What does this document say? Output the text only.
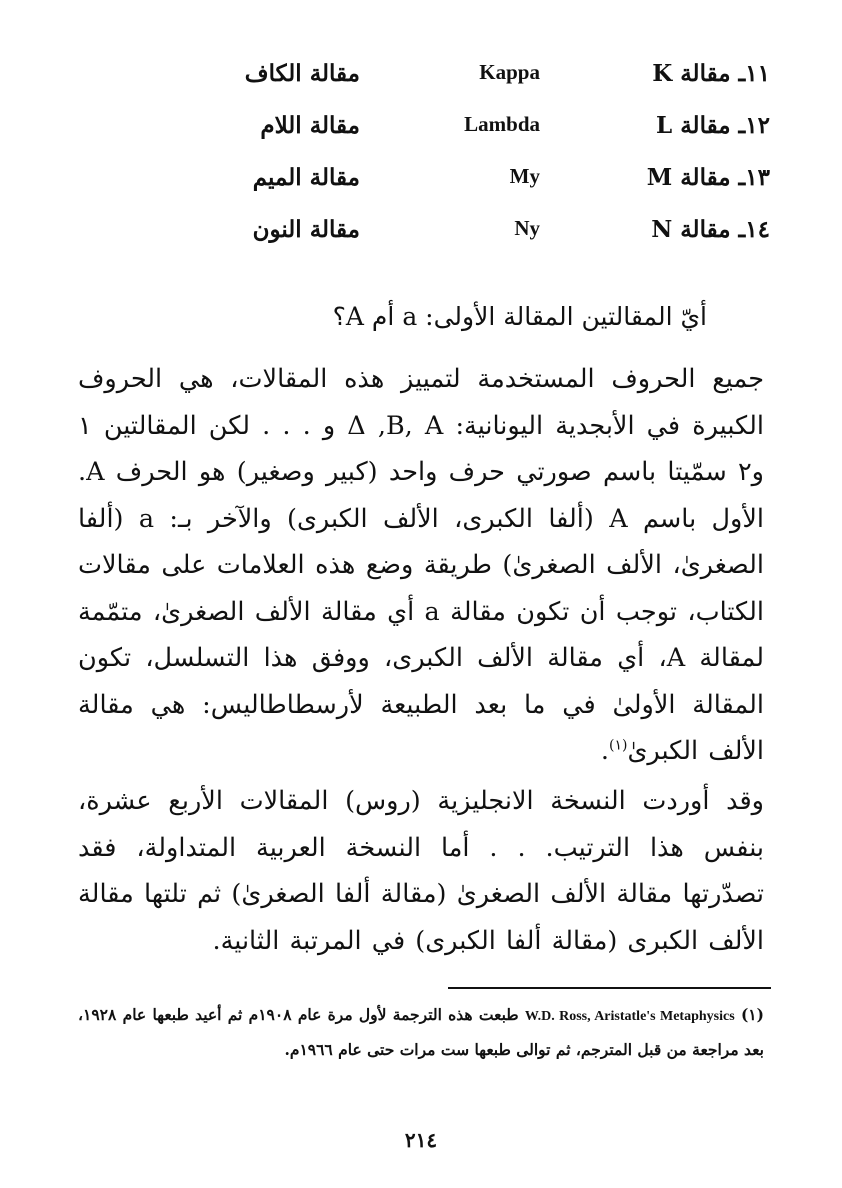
١١ـ مقالة K
Kappa
مقالة الكاف
١٢ـ مقالة L
Lambda
مقالة اللام
١٣ـ مقالة M
My
مقالة الميم
١٤ـ مقالة N
Ny
مقالة النون
أيّ المقالتين المقالة الأولى: a أم A؟
جميع الحروف المستخدمة لتمييز هذه المقالات، هي الحروف الكبيرة في الأبجدية اليونانية: Δ ,B, A و . . . لكن المقالتين ١ و٢ سمّيتا باسم صورتي حرف واحد (كبير وصغير) هو الحرف A. الأول باسم A (ألفا الكبرى، الألف الكبرى) والآخر بـ: a (ألفا الصغرىٰ، الألف الصغرىٰ) طريقة وضع هذه العلامات على مقالات الكتاب، توجب أن تكون مقالة a أي مقالة الألف الصغرىٰ، متمّمة لمقالة A، أي مقالة الألف الكبرى، ووفق هذا التسلسل، تكون المقالة الأولىٰ في ما بعد الطبيعة لأرسطاطاليس: هي مقالة الألف الكبرىٰ$^{(١)}$.
وقد أوردت النسخة الانجليزية (روس) المقالات الأربع عشرة، بنفس هذا الترتيب. . . أما النسخة العربية المتداولة، فقد تصدّرتها مقالة الألف الصغرىٰ (مقالة ألفا الصغرىٰ) ثم تلتها مقالة الألف الكبرى (مقالة ألفا الكبرى) في المرتبة الثانية.
(١) W.D. Ross, Aristatle's Metaphysics طبعت هذه الترجمة لأول مرة عام ١٩٠٨م ثم أعيد طبعها عام ١٩٢٨، بعد مراجعة من قبل المترجم، ثم توالى طبعها ست مرات حتى عام ١٩٦٦م.
٢١٤
